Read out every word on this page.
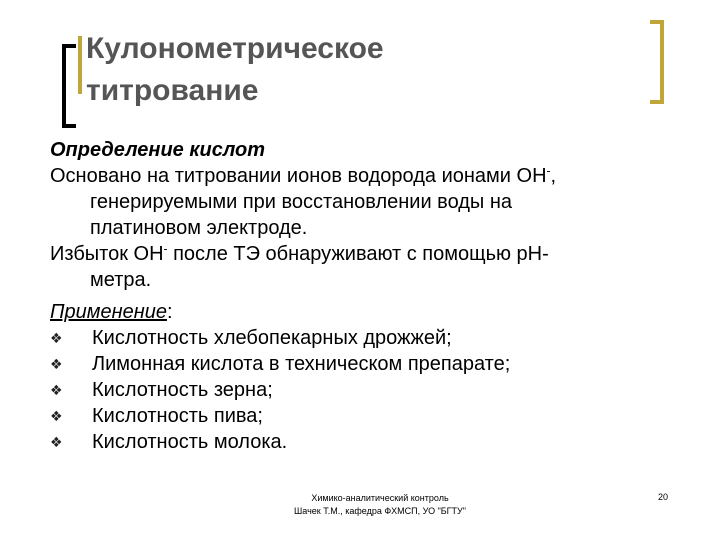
Кулонометрическое
титрование
Определение кислот
Основано на титровании ионов водорода ионами OH-,
генерируемыми при восстановлении воды на
платиновом электроде.
Избыток OH- после ТЭ обнаруживают с помощью pH-
метра.
Применение:
❖	Кислотность хлебопекарных дрожжей;
❖	Лимонная кислота в техническом препарате;
❖	Кислотность зерна;
❖	Кислотность пива;
❖	Кислотность молока.
Химико-аналитический контроль
Шачек Т.М., кафедра ФХМСП, УО "БГТУ"
20
